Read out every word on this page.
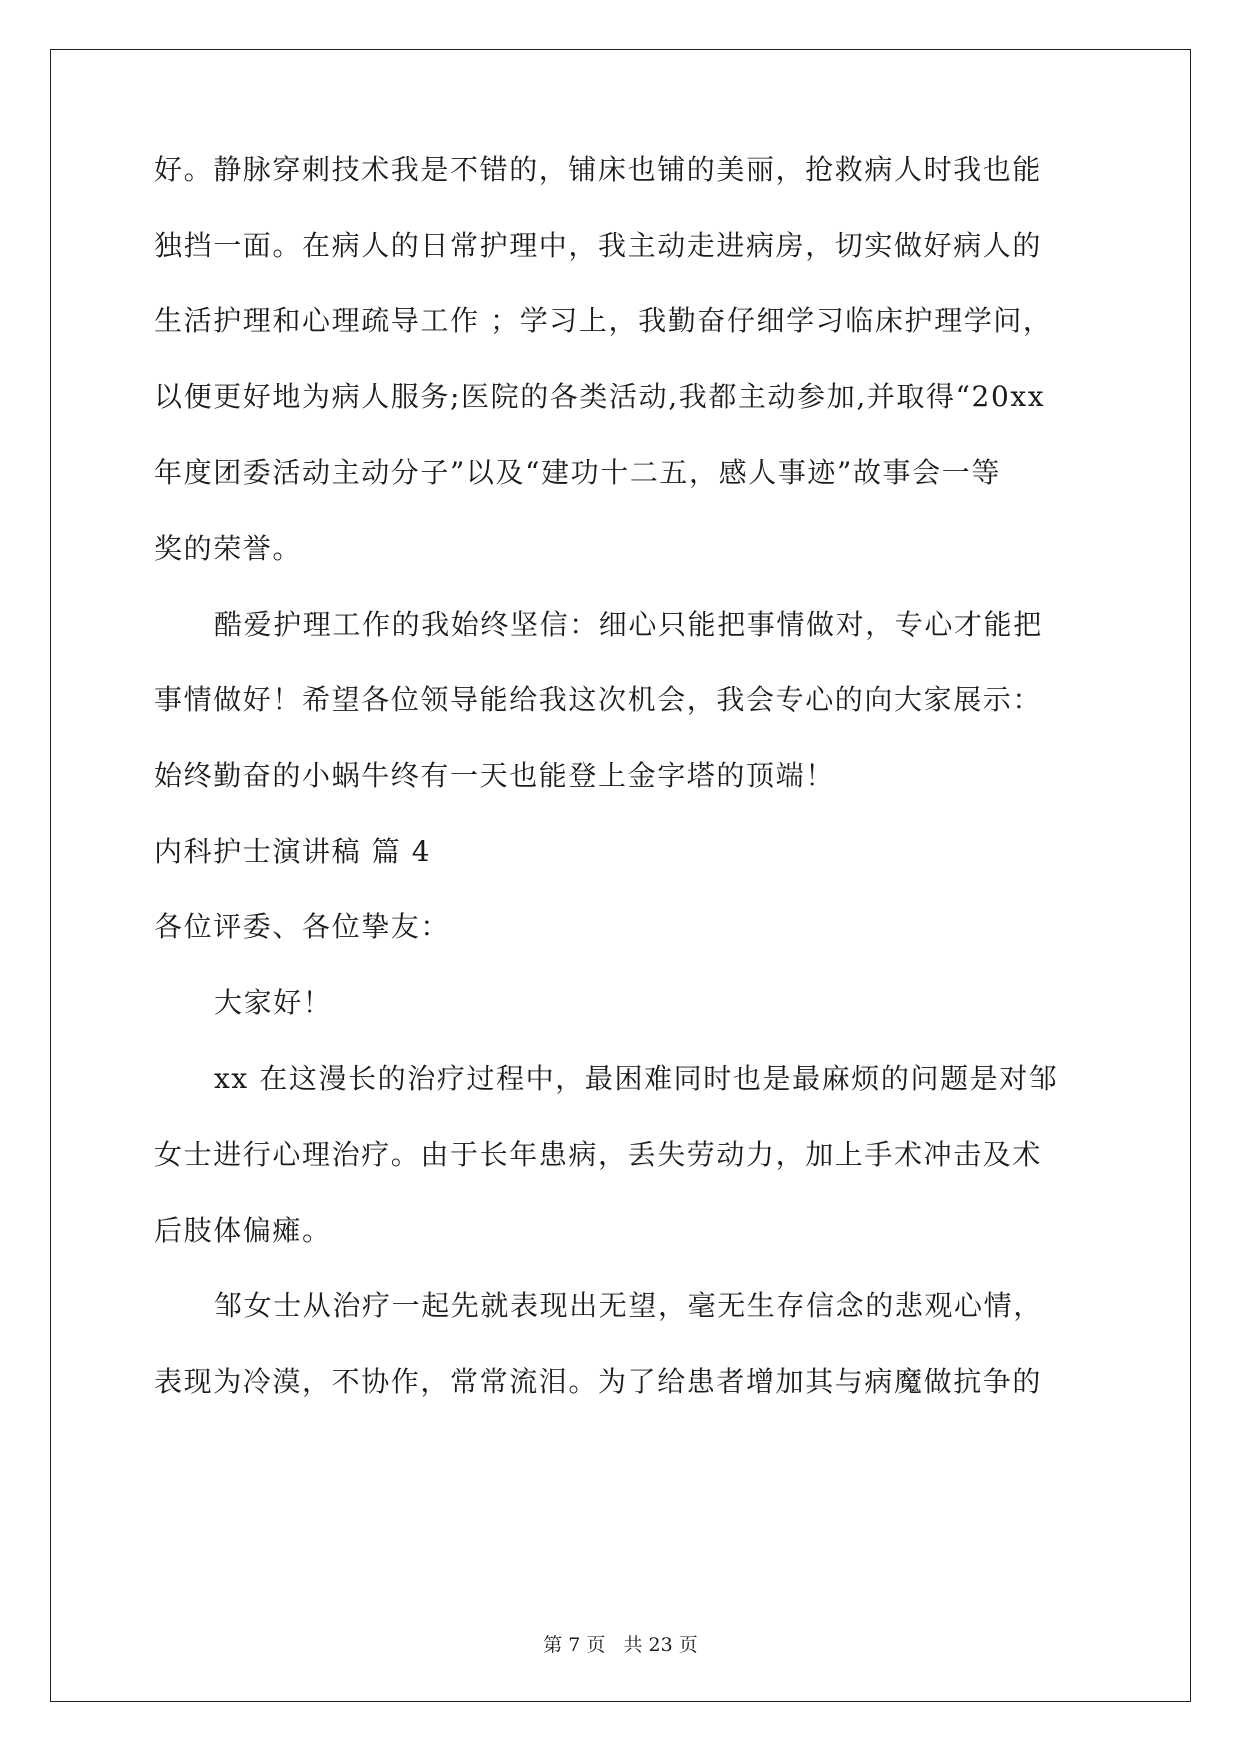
好。静脉穿刺技术我是不错的，铺床也铺的美丽，抢救病人时我也能
独挡一面。在病人的日常护理中，我主动走进病房，切实做好病人的
生活护理和心理疏导工作 ；学习上，我勤奋仔细学习临床护理学问，
以便更好地为病人服务;医院的各类活动,我都主动参加,并取得“20xx
年度团委活动主动分子”以及“建功十二五，感人事迹”故事会一等
奖的荣誉。
酷爱护理工作的我始终坚信：细心只能把事情做对，专心才能把
事情做好！希望各位领导能给我这次机会，我会专心的向大家展示：
始终勤奋的小蜗牛终有一天也能登上金字塔的顶端！
内科护士演讲稿 篇 4
各位评委、各位挚友：
大家好！
xx 在这漫长的治疗过程中，最困难同时也是最麻烦的问题是对邹
女士进行心理治疗。由于长年患病，丢失劳动力，加上手术冲击及术
后肢体偏瘫。
邹女士从治疗一起先就表现出无望，毫无生存信念的悲观心情，
表现为冷漠，不协作，常常流泪。为了给患者增加其与病魔做抗争的
第 7 页 共 23 页
